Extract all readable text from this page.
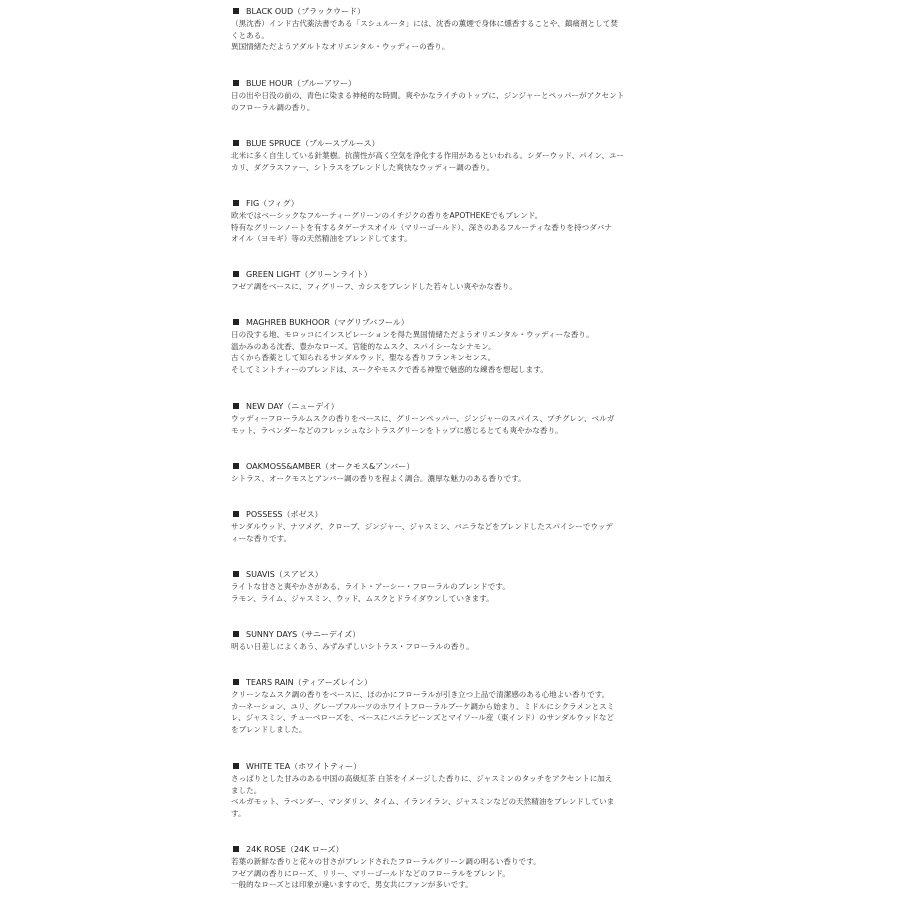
BLACK OUD（ブラックウード）
（黒沈香）インド古代薬法書である「スシュルータ」には、沈香の薫煙で身体に燻香することや、鎮痛剤として焚
くとある。
異国情緒ただようアダルトなオリエンタル・ウッディーの香り。
BLUE HOUR（ブルーアワー）
日の出や日没の前の、青色に染まる神秘的な時間。爽やかなライチのトップに、ジンジャーとペッパーがアクセント
のフローラル調の香り。
BLUE SPRUCE（ブルースプルース）
北米に多く自生している針葉樹。抗菌性が高く空気を浄化する作用があるといわれる。シダーウッド、パイン、ユー
カリ、ダグラスファー、シトラスをブレンドした爽快なウッディー調の香り。
FIG（フィグ）
欧米ではベーシックなフルーティーグリーンのイチジクの香りをAPOTHEKEでもブレンド。
特有なグリーンノートを有するタゲーテスオイル（マリーゴールド）、深さのあるフルーティな香りを持つダバナ
オイル（ヨモギ）等の天然精油をブレンドしてます。
GREEN LIGHT（グリーンライト）
フゼア調をベースに、フィグリーフ、カシスをブレンドした若々しい爽やかな香り。
MAGHREB BUKHOOR（マグリブバフール）
日の没する地、モロッコにインスピレーションを得た異国情緒ただようオリエンタル・ウッディーな香り。
温かみのある沈香、豊かなローズ。官能的なムスク、スパイシーなシナモン。
古くから香薬として知られるサンダルウッド、聖なる香りフランキンセンス。
そしてミントティーのブレンドは、スークやモスクで香る神聖で魅惑的な練香を想起します。
NEW DAY（ニューデイ）
ウッディーフローラルムスクの香りをベースに、グリーンペッパー、ジンジャーのスパイス、プチグレン、ベルガ
モット、ラベンダーなどのフレッシュなシトラスグリーンをトップに感じるとても爽やかな香り。
OAKMOSS&AMBER（オークモス&アンバー）
シトラス、オークモスとアンバー調の香りを程よく調合。濃厚な魅力のある香りです。
POSSESS（ポゼス）
サンダルウッド、ナツメグ、クローブ、ジンジャー、ジャスミン、バニラなどをブレンドしたスパイシーでウッデ
ィーな香りです。
SUAVIS（スアビス）
ライトな甘さと爽やかさがある、ライト・アーシー・フローラルのブレンドです。
ラモン、ライム、ジャスミン、ウッド、ムスクとドライダウンしていきます。
SUNNY DAYS（サニーデイズ）
明るい日差しによくあう、みずみずしいシトラス・フローラルの香り。
TEARS RAIN（ティアーズレイン）
クリーンなムスク調の香りをベースに、ほのかにフローラルが引き立つ上品で清潔感のある心地よい香りです。
カーネーション、ユリ、グレープフルーツのホワイトフローラルブーケ調から始まり、ミドルにシクラメンとスミ
レ、ジャスミン、チューベローズを、ベースにバニラビーンズとマイソール産（東インド）のサンダルウッドなど
をブレンドしました。
WHITE TEA（ホワイトティー）
さっぱりとした甘みのある中国の高級紅茶 白茶をイメージした香りに、ジャスミンのタッチをアクセントに加え
ました。
ベルガモット、ラベンダー、マンダリン、タイム、イランイラン、ジャスミンなどの天然精油をブレンドしていま
す。
24K ROSE（24K ローズ）
若葉の新鮮な香りと花々の甘さがブレンドされたフローラルグリーン調の明るい香りです。
フゼア調の香りにローズ、リリー、マリーゴールドなどのフローラルをブレンド。
一般的なローズとは印象が違いますので、男女共にファンが多いです。
